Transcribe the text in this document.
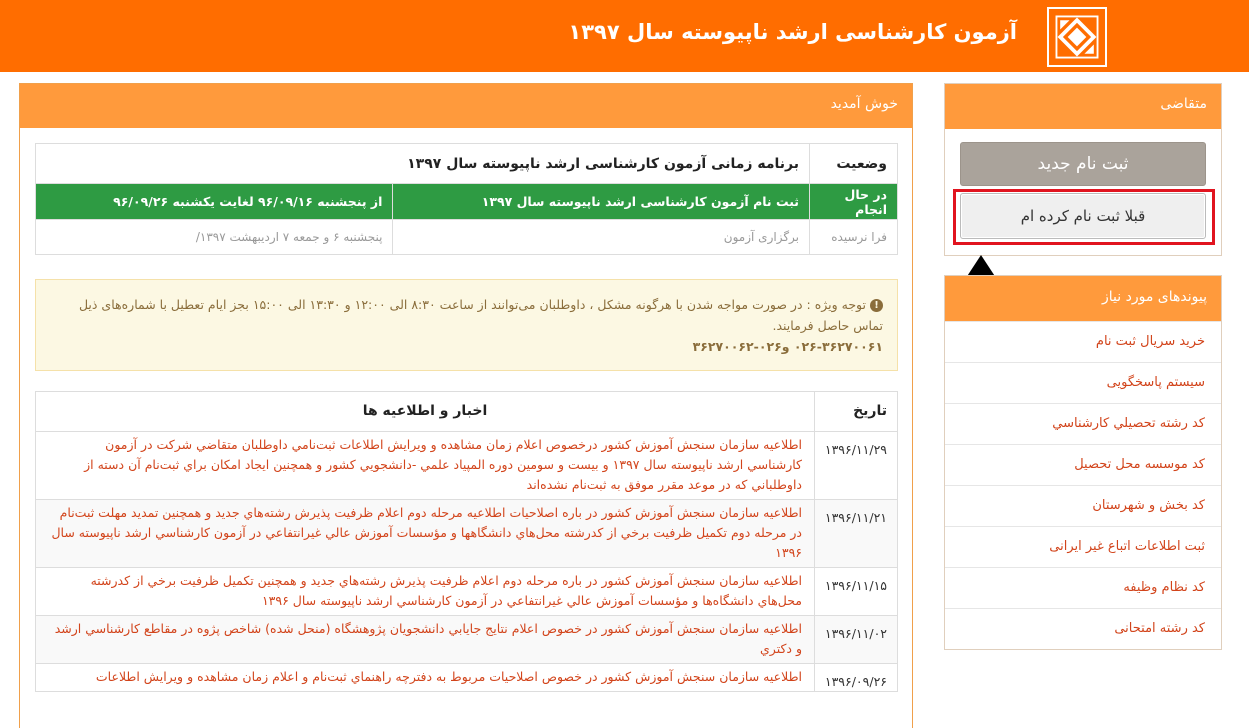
آزمون کارشناسی ارشد ناپیوسته سال ۱۳۹۷
خوش آمدید
وضعیت	برنامه زمانی آزمون کارشناسی ارشد ناپیوسته سال ۱۳۹۷	
در حال انجام	ثبت نام آزمون کارشناسی ارشد ناپیوسته سال ۱۳۹۷	از پنجشنبه ۹۶/۰۹/۱۶ لغایت یکشنبه ۹۶/۰۹/۲۶
فرا نرسیده	برگزاری آزمون	پنجشنبه ۶ و جمعه ۷ اردیبهشت ۱۳۹۷/
!توجه ویژه : در صورت مواجه شدن با هرگونه مشکل ، داوطلبان می‌توانند از ساعت ۸:۳۰ الی ۱۲:۰۰ و ۱۳:۳۰ الی ۱۵:۰۰ بجز ایام تعطیل با شماره‌های ذیل تماس حاصل فرمایند.
۰۲۶-۳۶۲۷۰۰۶۱ و۰۲۶-۳۶۲۷۰۰۶۲
تاریخ	اخبار و اطلاعیه ها
۱۳۹۶/۱۱/۲۹	اطلاعيه سازمان سنجش آموزش كشور درخصوص اعلام زمان مشاهده و ويرايش اطلاعات ثبت‌نامي داوطلبان متقاضي شركت در آزمون كارشناسي ارشد ناپيوسته سال ۱۳۹۷ و بيست و سومين دوره المپياد علمي -دانشجويي كشور و همچنين ايجاد امكان براي ثبت‌نام آن دسته از داوطلباني كه در موعد مقرر موفق به ثبت‌نام نشده‌اند
۱۳۹۶/۱۱/۲۱	اطلاعيه سازمان سنجش آموزش كشور در باره اصلاحيات اطلاعيه مرحله دوم اعلام ظرفيت پذيرش رشته‌هاي جديد و همچنين تمديد مهلت ثبت‌نام در مرحله دوم تكميل ظرفيت برخي از كدرشته محل‌هاي دانشگاهها و مؤسسات آموزش عالي غيرانتفاعي در آزمون كارشناسي ارشد ناپيوسته سال ۱۳۹۶
۱۳۹۶/۱۱/۱۵	اطلاعيه سازمان سنجش آموزش كشور در باره مرحله دوم اعلام ظرفيت پذيرش رشته‌هاي جديد و همچنين تكميل ظرفيت برخي از كدرشته محل‌هاي دانشگاه‌ها و مؤسسات آموزش عالي غيرانتفاعي در آزمون كارشناسي ارشد ناپيوسته سال ۱۳۹۶
۱۳۹۶/۱۱/۰۲	اطلاعيه سازمان سنجش آموزش كشور در خصوص اعلام نتايج جايابي دانشجويان پژوهشگاه (منحل شده) شاخص پژوه در مقاطع كارشناسي ارشد و دكتري
۱۳۹۶/۰۹/۲۶	اطلاعيه سازمان سنجش آموزش كشور در خصوص اصلاحيات مربوط به دفترچه راهنماي ثبت‌نام و اعلام زمان مشاهده و ويرايش اطلاعات
متقاضی
ثبت نام جدید
قبلا ثبت نام کرده ام
پیوندهای مورد نیاز
خرید سریال ثبت نام
سیستم پاسخگویی
کد رشته تحصيلي کارشناسي
کد موسسه محل تحصیل
کد بخش و شهرستان
ثبت اطلاعات اتباع غیر ایرانی
کد نظام وظیفه
کد رشته امتحانی
